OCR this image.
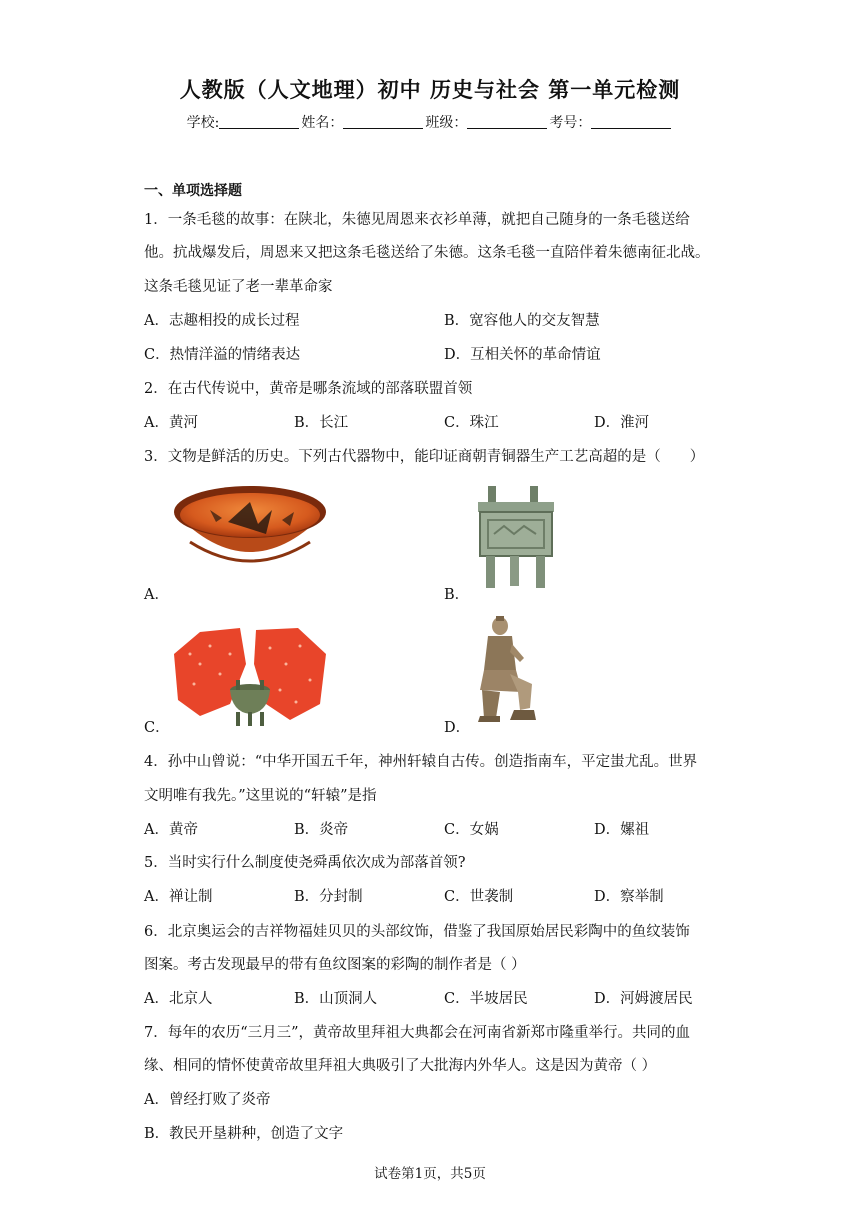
人教版（人文地理）初中 历史与社会 第一单元检测
学校:	姓名：	班级：	考号：
一、单项选择题
1．一条毛毯的故事：在陕北，朱德见周恩来衣衫单薄，就把自己随身的一条毛毯送给
他。抗战爆发后，周恩来又把这条毛毯送给了朱德。这条毛毯一直陪伴着朱德南征北战。
这条毛毯见证了老一辈革命家
A．志趣相投的成长过程	B．宽容他人的交友智慧
C．热情洋溢的情绪表达	D．互相关怀的革命情谊
2．在古代传说中，黄帝是哪条流域的部落联盟首领
A．黄河	B．长江	C．珠江	D．淮河
3．文物是鲜活的历史。下列古代器物中，能印证商朝青铜器生产工艺高超的是（　　）
A．	B．
C．	D．
4．孙中山曾说：“中华开国五千年，神州轩辕自古传。创造指南车，平定蚩尤乱。世界
文明唯有我先。”这里说的“轩辕”是指
A．黄帝	B．炎帝	C．女娲	D．嫘祖
5．当时实行什么制度使尧舜禹依次成为部落首领?
A．禅让制	B．分封制	C．世袭制	D．察举制
6．北京奥运会的吉祥物福娃贝贝的头部纹饰，借鉴了我国原始居民彩陶中的鱼纹装饰
图案。考古发现最早的带有鱼纹图案的彩陶的制作者是（ ）
A．北京人	B．山顶洞人	C．半坡居民	D．河姆渡居民
7．每年的农历“三月三”，黄帝故里拜祖大典都会在河南省新郑市隆重举行。共同的血
缘、相同的情怀使黄帝故里拜祖大典吸引了大批海内外华人。这是因为黄帝（ ）
A．曾经打败了炎帝
B．教民开垦耕种，创造了文字
试卷第1页，共5页
